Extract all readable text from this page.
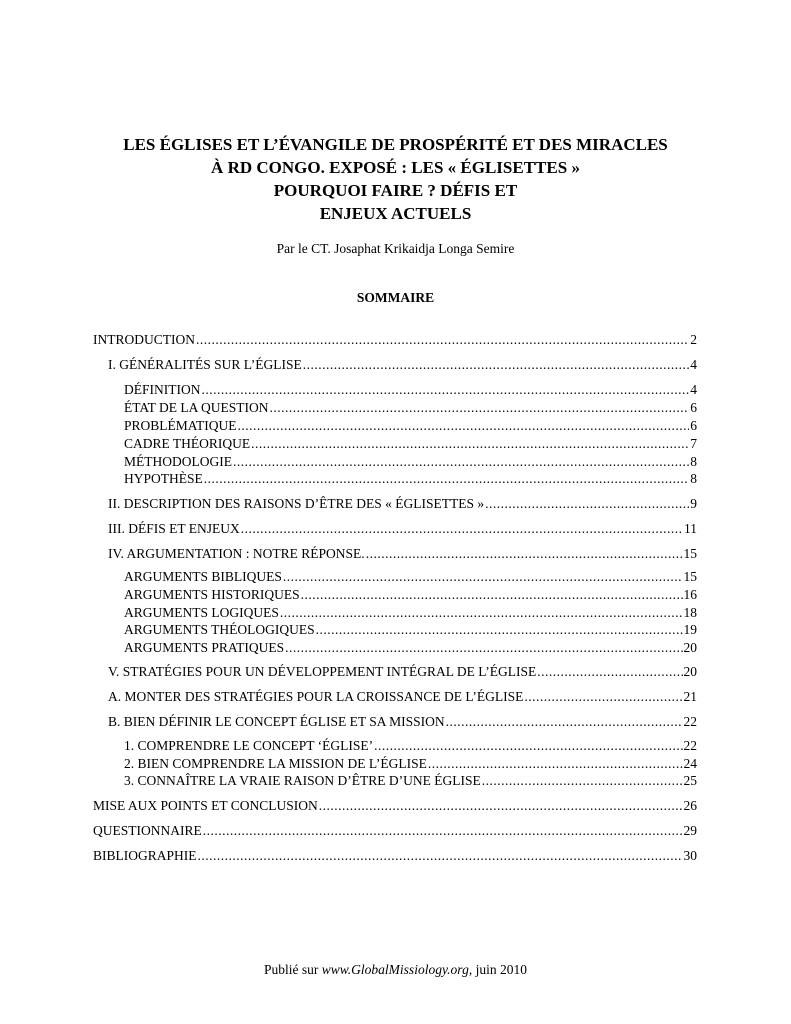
LES ÉGLISES ET L’ÉVANGILE DE PROSPÉRITÉ ET DES MIRACLES
À RD CONGO. EXPOSÉ : LES « ÉGLISETTES »
POURQUOI FAIRE ? DÉFIS ET
ENJEUX ACTUELS
Par le CT. Josaphat Krikaidja Longa Semire
SOMMAIRE
INTRODUCTION .....	2
I. GÉNÉRALITÉS SUR L’ÉGLISE .....	4
DÉFINITION .....	4
ÉTAT DE LA QUESTION .....	6
PROBLÉMATIQUE .....	6
CADRE THÉORIQUE .....	7
MÉTHODOLOGIE .....	8
HYPOTHÈSE .....	8
II. DESCRIPTION DES RAISONS D’ÊTRE DES « ÉGLISETTES » .....	9
III. DÉFIS ET ENJEUX .....	11
IV. ARGUMENTATION : NOTRE RÉPONSE. .....	15
ARGUMENTS BIBLIQUES .....	15
ARGUMENTS HISTORIQUES .....	16
ARGUMENTS LOGIQUES .....	18
ARGUMENTS THÉOLOGIQUES .....	19
ARGUMENTS PRATIQUES .....	20
V. STRATÉGIES POUR UN DÉVELOPPEMENT INTÉGRAL DE L’ÉGLISE .....	20
A. MONTER DES STRATÉGIES POUR LA CROISSANCE DE L’ÉGLISE .....	21
B. BIEN DÉFINIR LE CONCEPT ÉGLISE ET SA MISSION .....	22
1. COMPRENDRE LE CONCEPT ‘ÉGLISE’ .....	22
2. BIEN COMPRENDRE LA MISSION DE L’ÉGLISE .....	24
3. CONNAÎTRE LA VRAIE RAISON D’ÊTRE D’UNE ÉGLISE .....	25
MISE AUX POINTS ET CONCLUSION .....	26
QUESTIONNAIRE .....	29
BIBLIOGRAPHIE .....	30
Publié sur www.GlobalMissiology.org, juin 2010
